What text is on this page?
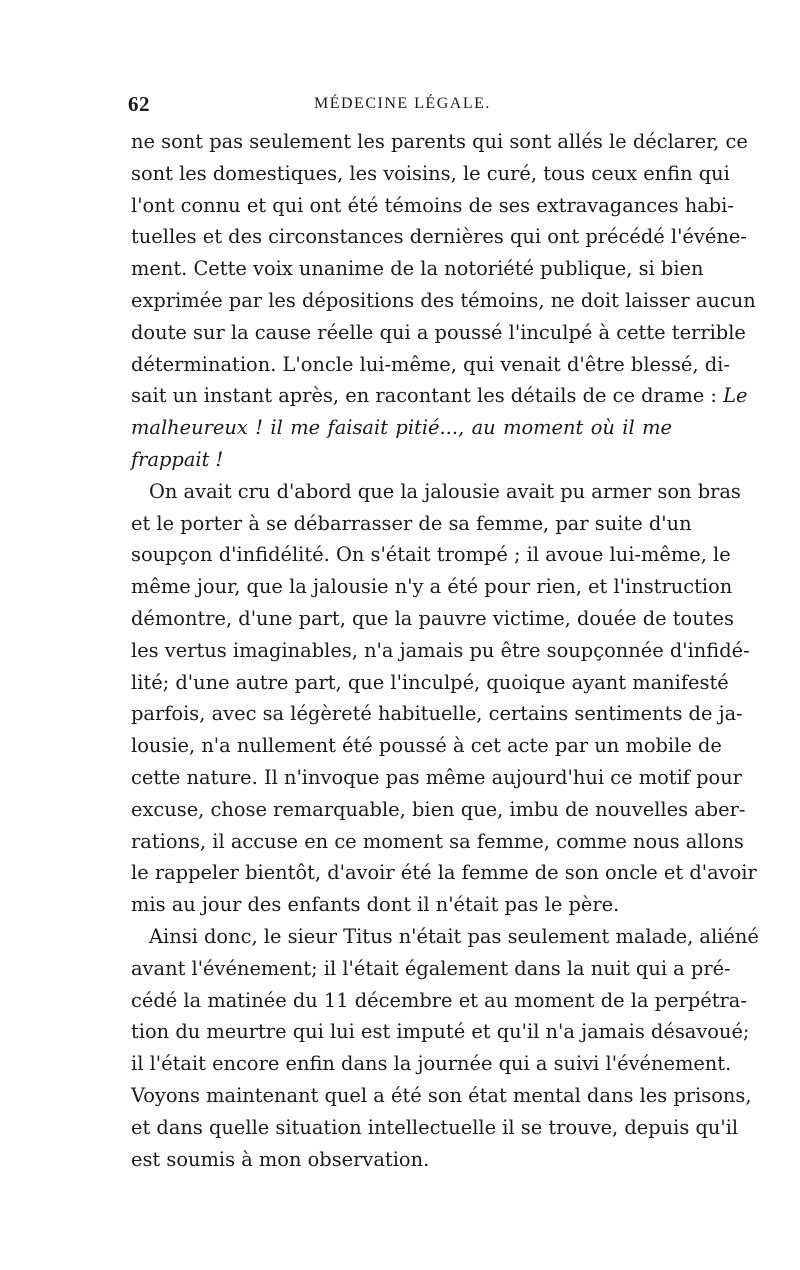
62	MÉDECINE LÉGALE.
ne sont pas seulement les parents qui sont allés le déclarer, ce
sont les domestiques, les voisins, le curé, tous ceux enfin qui
l'ont connu et qui ont été témoins de ses extravagances habi-
tuelles et des circonstances dernières qui ont précédé l'événe-
ment. Cette voix unanime de la notoriété publique, si bien
exprimée par les dépositions des témoins, ne doit laisser aucun
doute sur la cause réelle qui a poussé l'inculpé à cette terrible
détermination. L'oncle lui-même, qui venait d'être blessé, di-
sait un instant après, en racontant les détails de ce drame : Le
malheureux ! il me faisait pitié..., au moment où il me
frappait !
On avait cru d'abord que la jalousie avait pu armer son bras
et le porter à se débarrasser de sa femme, par suite d'un
soupçon d'infidélité. On s'était trompé ; il avoue lui-même, le
même jour, que la jalousie n'y a été pour rien, et l'instruction
démontre, d'une part, que la pauvre victime, douée de toutes
les vertus imaginables, n'a jamais pu être soupçonnée d'infidé-
lité; d'une autre part, que l'inculpé, quoique ayant manifesté
parfois, avec sa légèreté habituelle, certains sentiments de ja-
lousie, n'a nullement été poussé à cet acte par un mobile de
cette nature. Il n'invoque pas même aujourd'hui ce motif pour
excuse, chose remarquable, bien que, imbu de nouvelles aber-
rations, il accuse en ce moment sa femme, comme nous allons
le rappeler bientôt, d'avoir été la femme de son oncle et d'avoir
mis au jour des enfants dont il n'était pas le père.
Ainsi donc, le sieur Titus n'était pas seulement malade, aliéné
avant l'événement; il l'était également dans la nuit qui a pré-
cédé la matinée du 11 décembre et au moment de la perpétra-
tion du meurtre qui lui est imputé et qu'il n'a jamais désavoué;
il l'était encore enfin dans la journée qui a suivi l'événement.
Voyons maintenant quel a été son état mental dans les prisons,
et dans quelle situation intellectuelle il se trouve, depuis qu'il
est soumis à mon observation.
